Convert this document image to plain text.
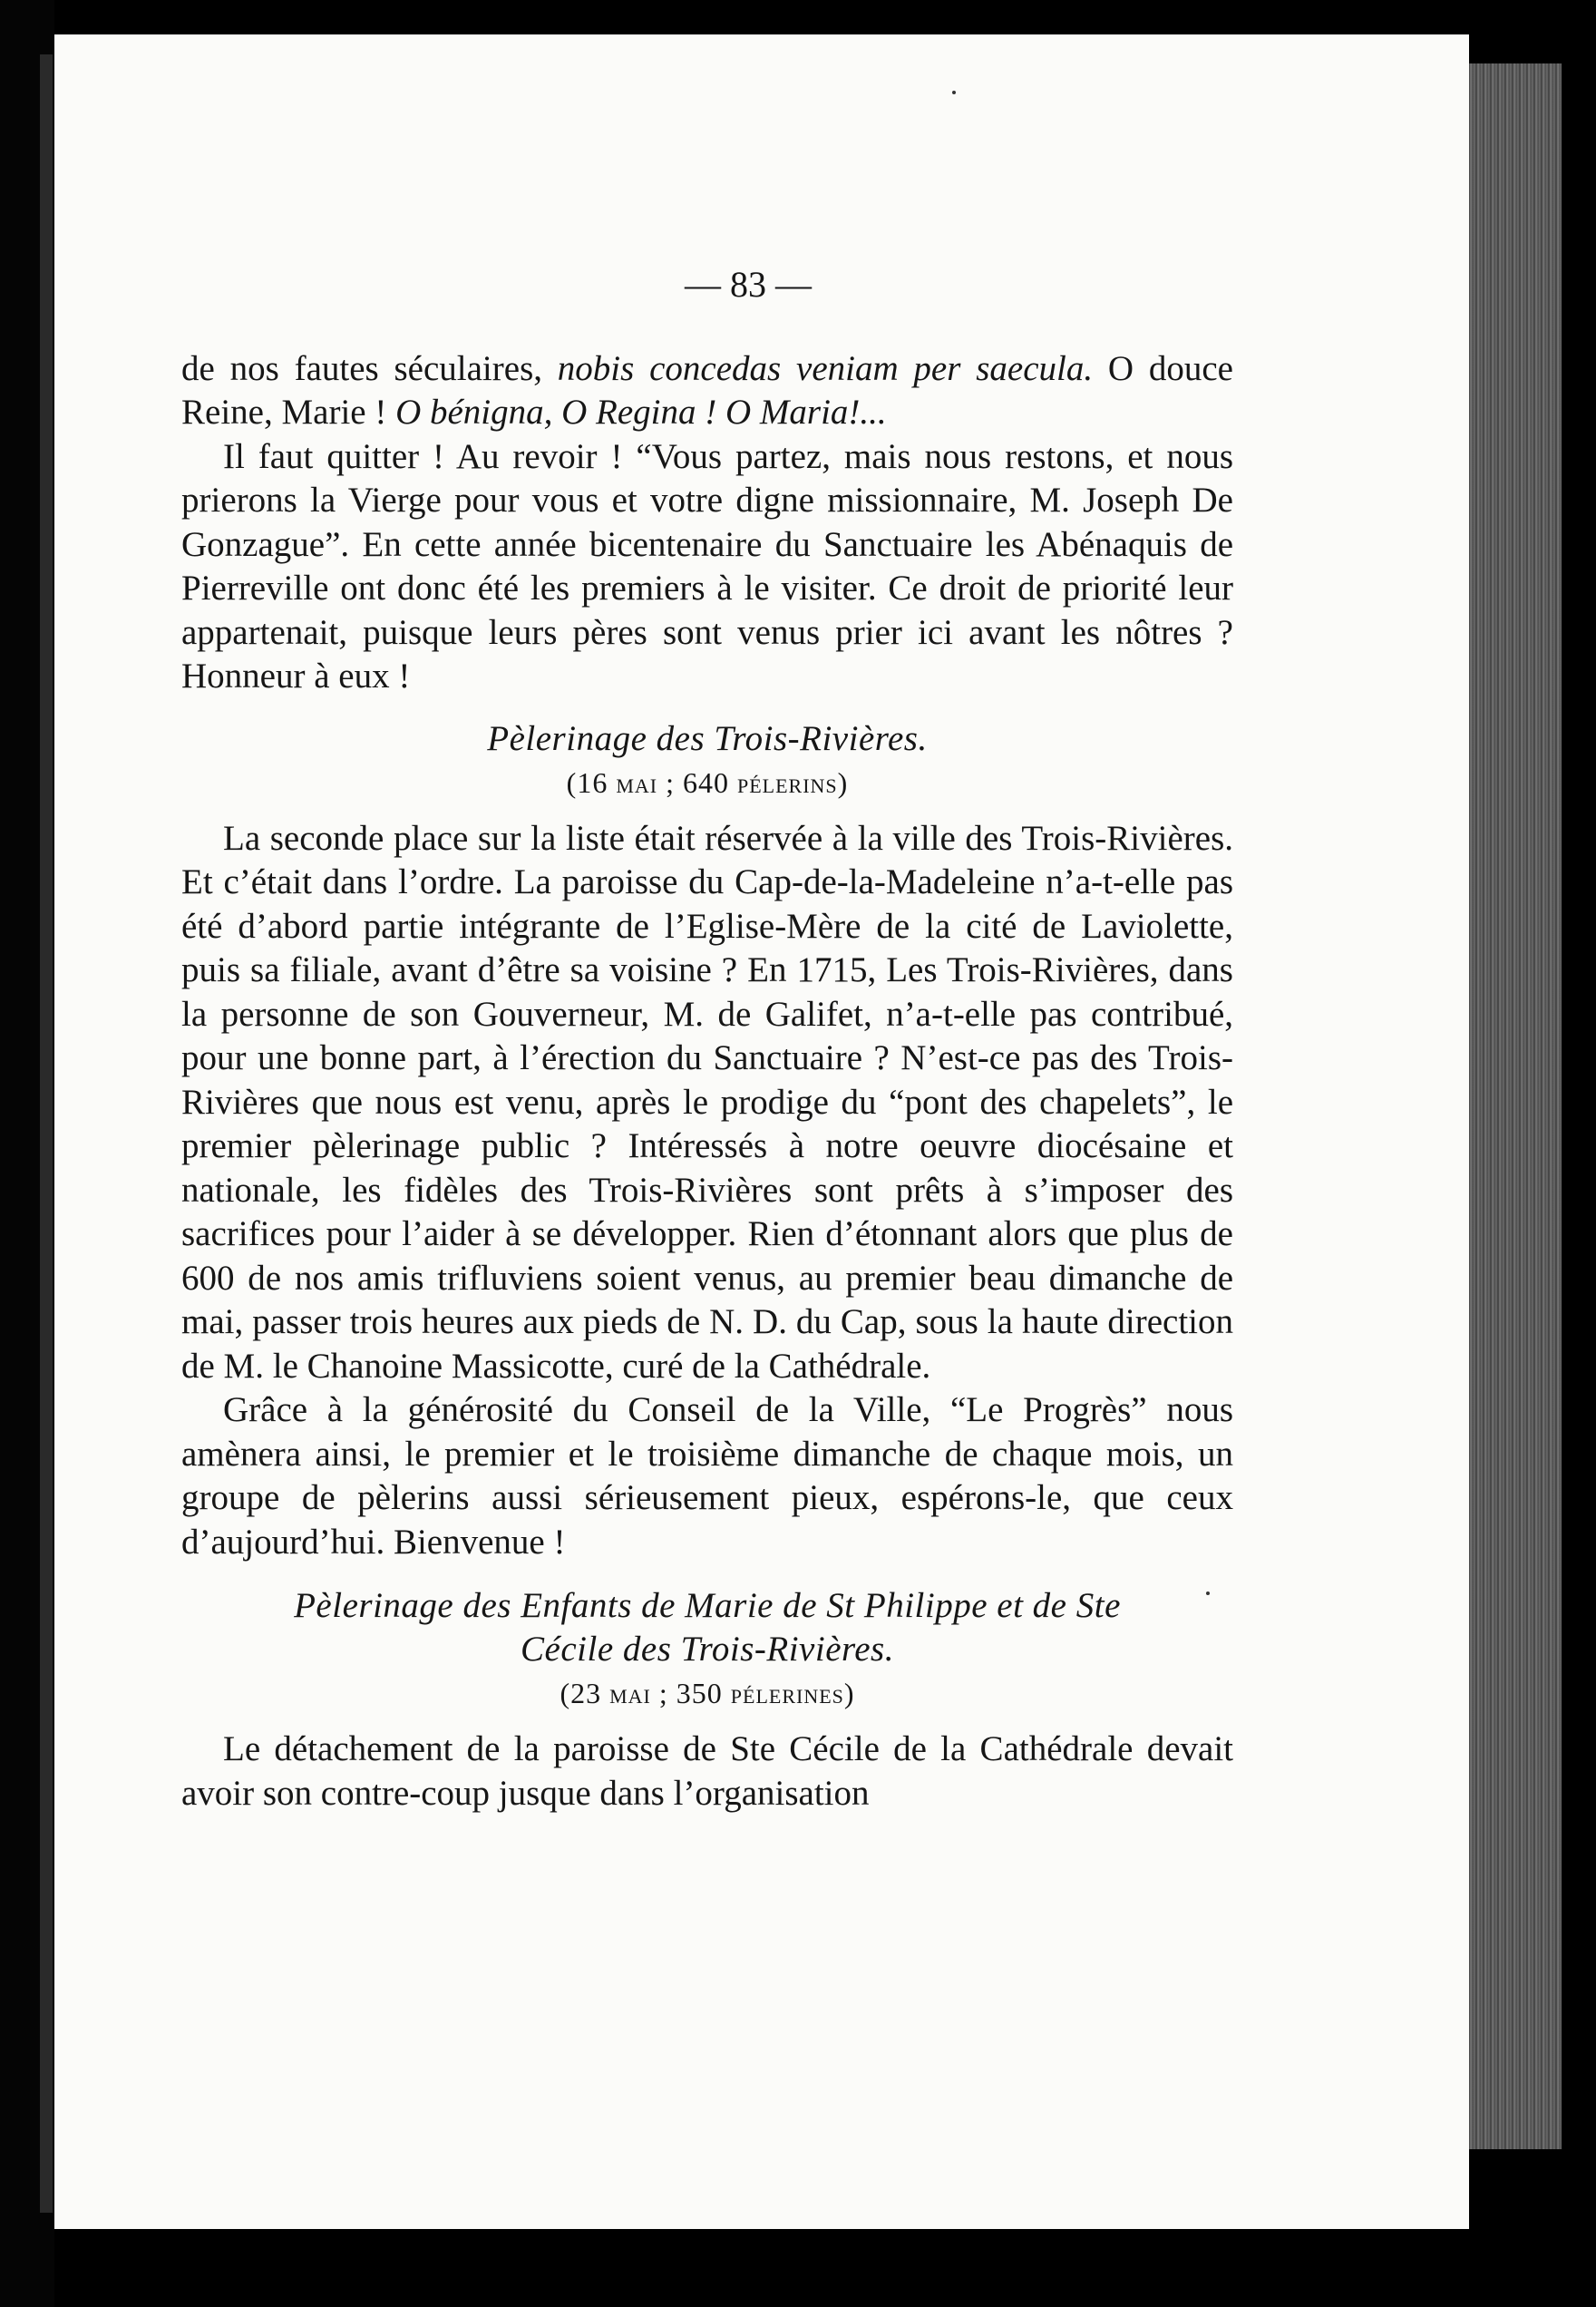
— 83 —

de nos fautes séculaires, nobis concedas veniam per saecula. O douce Reine, Marie ! O bénigna, O Regina ! O Maria!...

Il faut quitter ! Au revoir ! “Vous partez, mais nous restons, et nous prierons la Vierge pour vous et votre digne missionnaire, M. Joseph De Gonzague”. En cette année bicentenaire du Sanctuaire les Abénaquis de Pierreville ont donc été les premiers à le visiter. Ce droit de priorité leur appartenait, puisque leurs pères sont venus prier ici avant les nôtres ? Honneur à eux !

Pèlerinage des Trois-Rivières.
(16 mai ; 640 pélerins)

La seconde place sur la liste était réservée à la ville des Trois-Rivières. Et c’était dans l’ordre. La paroisse du Cap-de-la-Madeleine n’a-t-elle pas été d’abord partie intégrante de l’Eglise-Mère de la cité de Laviolette, puis sa filiale, avant d’être sa voisine ? En 1715, Les Trois-Rivières, dans la personne de son Gouverneur, M. de Galifet, n’a-t-elle pas contribué, pour une bonne part, à l’érection du Sanctuaire ? N’est-ce pas des Trois-Rivières que nous est venu, après le prodige du “pont des chapelets”, le premier pèlerinage public ? Intéressés à notre oeuvre diocésaine et nationale, les fidèles des Trois-Rivières sont prêts à s’imposer des sacrifices pour l’aider à se développer. Rien d’étonnant alors que plus de 600 de nos amis trifluviens soient venus, au premier beau dimanche de mai, passer trois heures aux pieds de N. D. du Cap, sous la haute direction de M. le Chanoine Massicotte, curé de la Cathédrale.

Grâce à la générosité du Conseil de la Ville, “Le Progrès” nous amènera ainsi, le premier et le troisième dimanche de chaque mois, un groupe de pèlerins aussi sérieusement pieux, espérons-le, que ceux d’aujourd’hui. Bienvenue !

Pèlerinage des Enfants de Marie de St Philippe et de Ste
Cécile des Trois-Rivières.
(23 mai ; 350 pélerines)

Le détachement de la paroisse de Ste Cécile de la Cathédrale devait avoir son contre-coup jusque dans l’organisation
